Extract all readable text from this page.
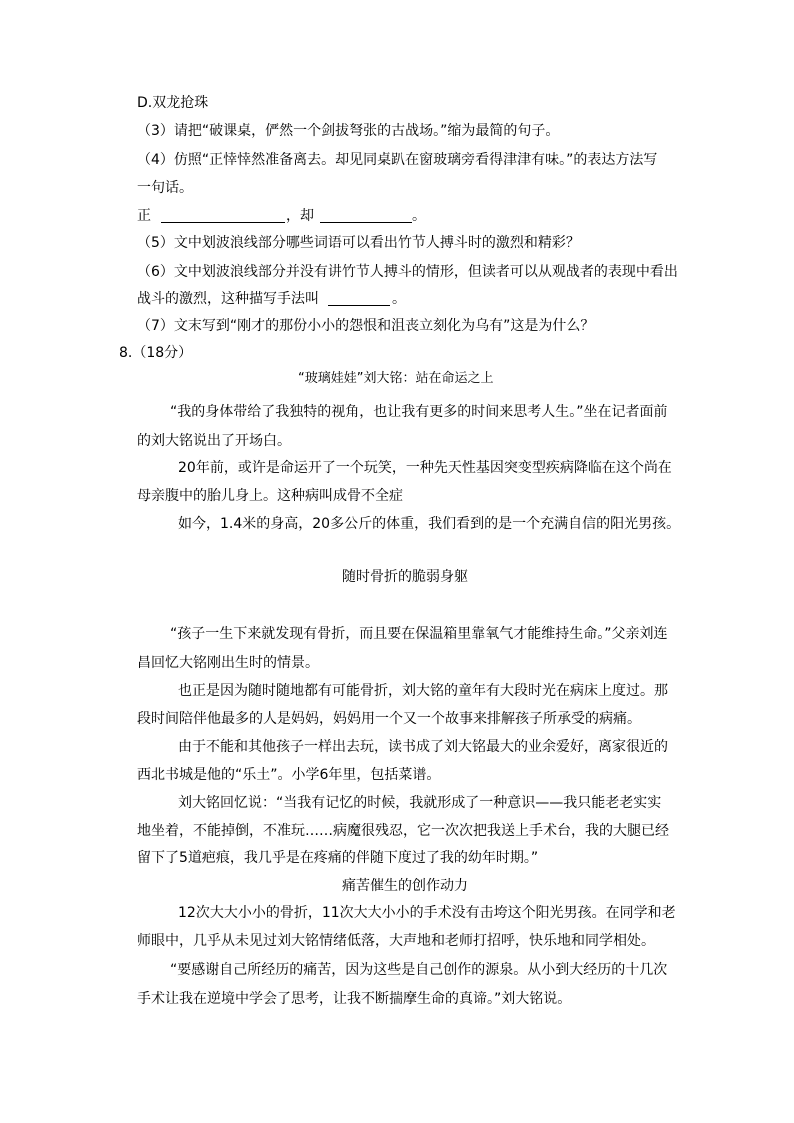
D.双龙抢珠
（3）请把“破课桌，俨然一个剑拔弩张的古战场。”缩为最简的句子。
（4）仿照“正悻悻然准备离去。却见同桌趴在窗玻璃旁看得津津有味。”的表达方法写
一句话。
正	，却	。
（5）文中划波浪线部分哪些词语可以看出竹节人搏斗时的激烈和精彩？
（6）文中划波浪线部分并没有讲竹节人搏斗的情形，但读者可以从观战者的表现中看出
战斗的激烈，这种描写手法叫	。
（7）文末写到“刚才的那份小小的怨恨和沮丧立刻化为乌有”这是为什么？
8.（18分）
“玻璃娃娃”刘大铭：站在命运之上
“我的身体带给了我独特的视角，也让我有更多的时间来思考人生。”坐在记者面前
的刘大铭说出了开场白。
20年前，或许是命运开了一个玩笑，一种先天性基因突变型疾病降临在这个尚在
母亲腹中的胎儿身上。这种病叫成骨不全症
如今，1.4米的身高，20多公斤的体重，我们看到的是一个充满自信的阳光男孩。
随时骨折的脆弱身躯
“孩子一生下来就发现有骨折，而且要在保温箱里靠氧气才能维持生命。”父亲刘连
昌回忆大铭刚出生时的情景。
也正是因为随时随地都有可能骨折，刘大铭的童年有大段时光在病床上度过。那
段时间陪伴他最多的人是妈妈，妈妈用一个又一个故事来排解孩子所承受的病痛。
由于不能和其他孩子一样出去玩，读书成了刘大铭最大的业余爱好，离家很近的
西北书城是他的“乐土”。小学6年里，包括菜谱。
刘大铭回忆说：“当我有记忆的时候，我就形成了一种意识——我只能老老实实
地坐着，不能掉倒，不准玩……病魔很残忍，它一次次把我送上手术台，我的大腿已经
留下了5道疤痕，我几乎是在疼痛的伴随下度过了我的幼年时期。”
痛苦催生的创作动力
12次大大小小的骨折，11次大大小小的手术没有击垮这个阳光男孩。在同学和老
师眼中，几乎从未见过刘大铭情绪低落，大声地和老师打招呼，快乐地和同学相处。
“要感谢自己所经历的痛苦，因为这些是自己创作的源泉。从小到大经历的十几次
手术让我在逆境中学会了思考，让我不断揣摩生命的真谛。”刘大铭说。
